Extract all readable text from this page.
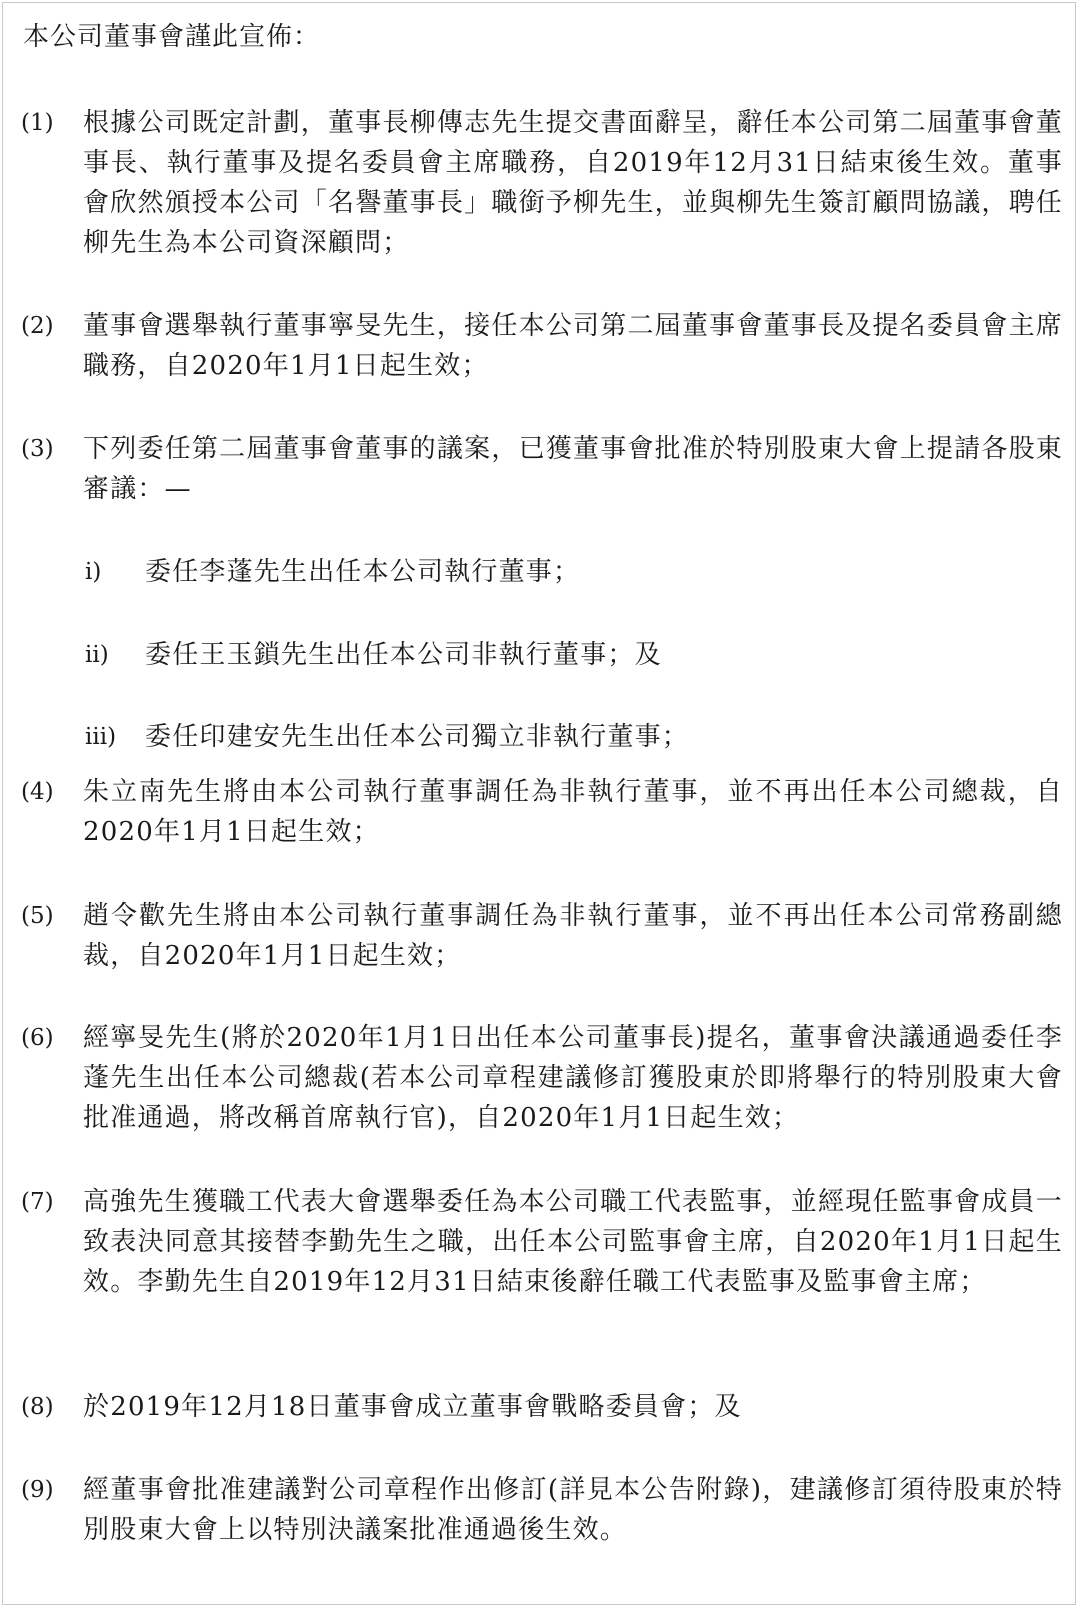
本公司董事會謹此宣佈：
(1) 根據公司既定計劃，董事長柳傳志先生提交書面辭呈，辭任本公司第二屆董事會董事長、執行董事及提名委員會主席職務，自2019年12月31日結束後生效。董事會欣然頒授本公司「名譽董事長」職銜予柳先生，並與柳先生簽訂顧問協議，聘任柳先生為本公司資深顧問；

(2) 董事會選舉執行董事寧旻先生，接任本公司第二屆董事會董事長及提名委員會主席職務，自2020年1月1日起生效；

(3) 下列委任第二屆董事會董事的議案，已獲董事會批准於特別股東大會上提請各股東審議：—

i) 委任李蓬先生出任本公司執行董事；

ii) 委任王玉鎖先生出任本公司非執行董事；及

iii) 委任印建安先生出任本公司獨立非執行董事；

(4) 朱立南先生將由本公司執行董事調任為非執行董事，並不再出任本公司總裁，自2020年1月1日起生效；

(5) 趙令歡先生將由本公司執行董事調任為非執行董事，並不再出任本公司常務副總裁，自2020年1月1日起生效；

(6) 經寧旻先生(將於2020年1月1日出任本公司董事長)提名，董事會決議通過委任李蓬先生出任本公司總裁(若本公司章程建議修訂獲股東於即將舉行的特別股東大會批准通過，將改稱首席執行官)，自2020年1月1日起生效；

(7) 高強先生獲職工代表大會選舉委任為本公司職工代表監事，並經現任監事會成員一致表決同意其接替李勤先生之職，出任本公司監事會主席，自2020年1月1日起生效。李勤先生自2019年12月31日結束後辭任職工代表監事及監事會主席；

(8) 於2019年12月18日董事會成立董事會戰略委員會；及

(9) 經董事會批准建議對公司章程作出修訂(詳見本公告附錄)，建議修訂須待股東於特別股東大會上以特別決議案批准通過後生效。
